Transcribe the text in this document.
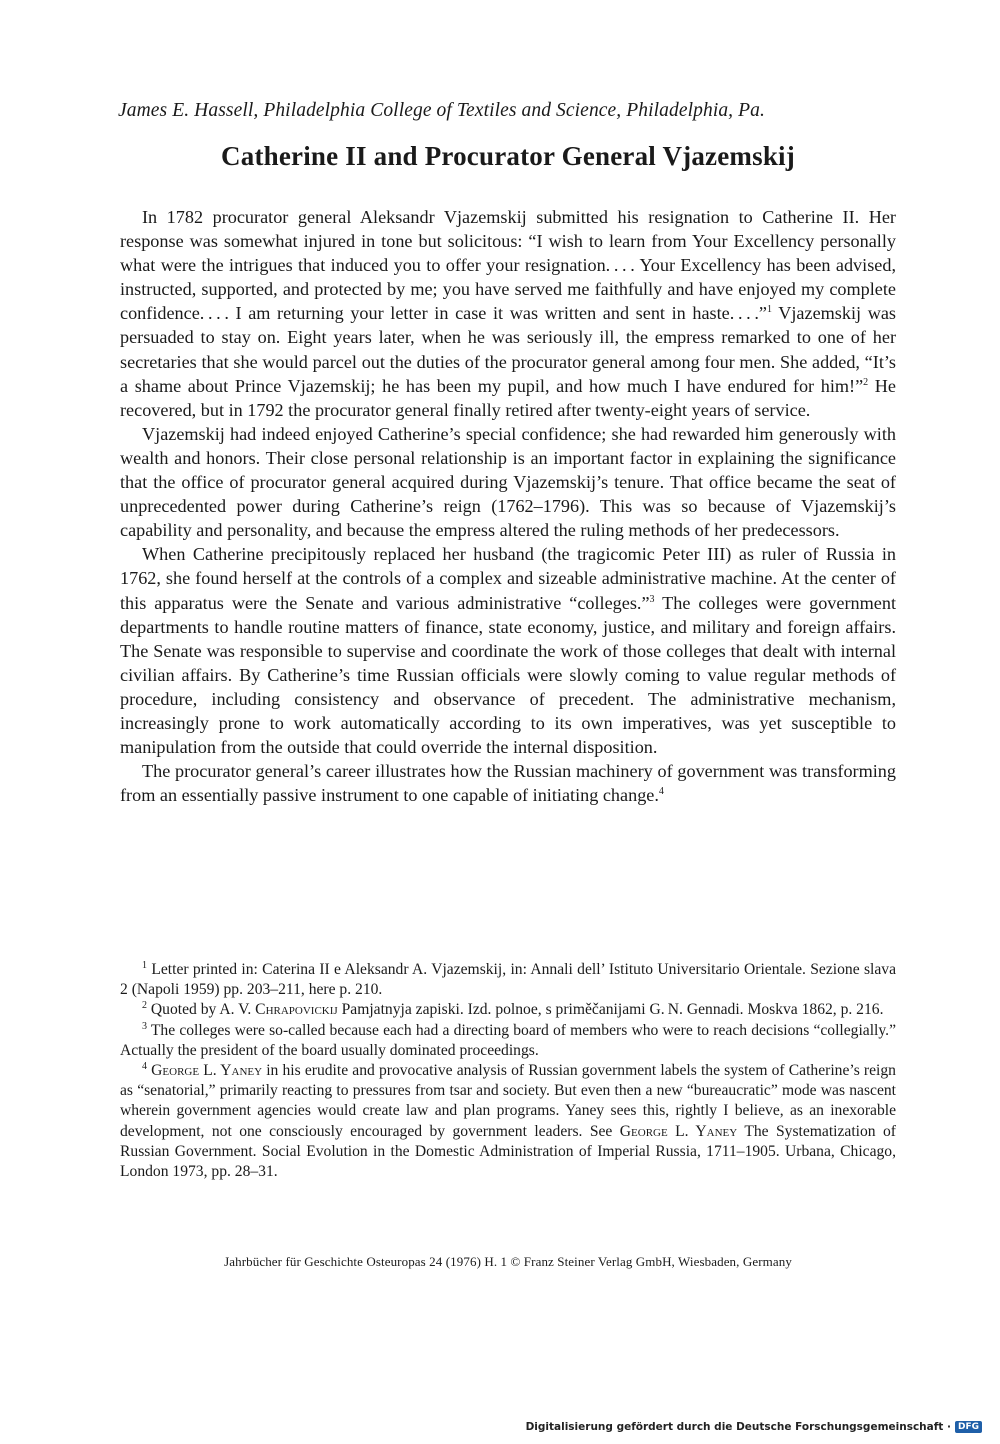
James E. Hassell, Philadelphia College of Textiles and Science, Philadelphia, Pa.
Catherine II and Procurator General Vjazemskij

In 1782 procurator general Aleksandr Vjazemskij submitted his resignation to Catherine II. Her response was somewhat injured in tone but solicitous: “I wish to learn from Your Excellency personally what were the intrigues that induced you to offer your resignation. . . . Your Excellency has been advised, instructed, supported, and protected by me; you have served me faithfully and have enjoyed my complete confidence. . . . I am returning your letter in case it was written and sent in haste. . . .”$^1$ Vjazemskij was persuaded to stay on. Eight years later, when he was seriously ill, the empress remarked to one of her secretaries that she would parcel out the duties of the procurator general among four men. She added, “It’s a shame about Prince Vjazemskij; he has been my pupil, and how much I have endured for him!”$^2$ He recovered, but in 1792 the procurator general finally retired after twenty-eight years of service.

Vjazemskij had indeed enjoyed Catherine’s special confidence; she had rewarded him generously with wealth and honors. Their close personal relationship is an important factor in explaining the significance that the office of procurator general acquired during Vjazemskij’s tenure. That office became the seat of unprecedented power during Catherine’s reign (1762–1796). This was so because of Vjazemskij’s capability and personality, and because the empress altered the ruling methods of her predecessors.

When Catherine precipitously replaced her husband (the tragicomic Peter III) as ruler of Russia in 1762, she found herself at the controls of a complex and sizeable administrative machine. At the center of this apparatus were the Senate and various administrative “colleges.”$^3$ The colleges were government departments to handle routine matters of finance, state economy, justice, and military and foreign affairs. The Senate was responsible to supervise and coordinate the work of those colleges that dealt with internal civilian affairs. By Catherine’s time Russian officials were slowly coming to value regular methods of procedure, including consistency and observance of precedent. The administrative mechanism, increasingly prone to work automatically according to its own imperatives, was yet susceptible to manipulation from the outside that could override the internal disposition.

The procurator general’s career illustrates how the Russian machinery of government was transforming from an essentially passive instrument to one capable of initiating change.$^4$

$^1$ Letter printed in: Caterina II e Aleksandr A. Vjazemskij, in: Annali dell’ Istituto Universitario Orientale. Sezione slava 2 (Napoli 1959) pp. 203–211, here p. 210.

$^2$ Quoted by A. V. Chrapovickij Pamjatnyja zapiski. Izd. polnoe, s priměčanijami G. N. Gennadi. Moskva 1862, p. 216.

$^3$ The colleges were so-called because each had a directing board of members who were to reach decisions “collegially.” Actually the president of the board usually dominated proceedings.

$^4$ George L. Yaney in his erudite and provocative analysis of Russian government labels the system of Catherine’s reign as “senatorial,” primarily reacting to pressures from tsar and society. But even then a new “bureaucratic” mode was nascent wherein government agencies would create law and plan programs. Yaney sees this, rightly I believe, as an inexorable development, not one consciously encouraged by government leaders. See George L. Yaney The Systematization of Russian Government. Social Evolution in the Domestic Administration of Imperial Russia, 1711–1905. Urbana, Chicago, London 1973, pp. 28–31.

Jahrbücher für Geschichte Osteuropas 24 (1976) H. 1 © Franz Steiner Verlag GmbH, Wiesbaden, Germany
Digitalisierung gefördert durch die Deutsche Forschungsgemeinschaft · DFG
